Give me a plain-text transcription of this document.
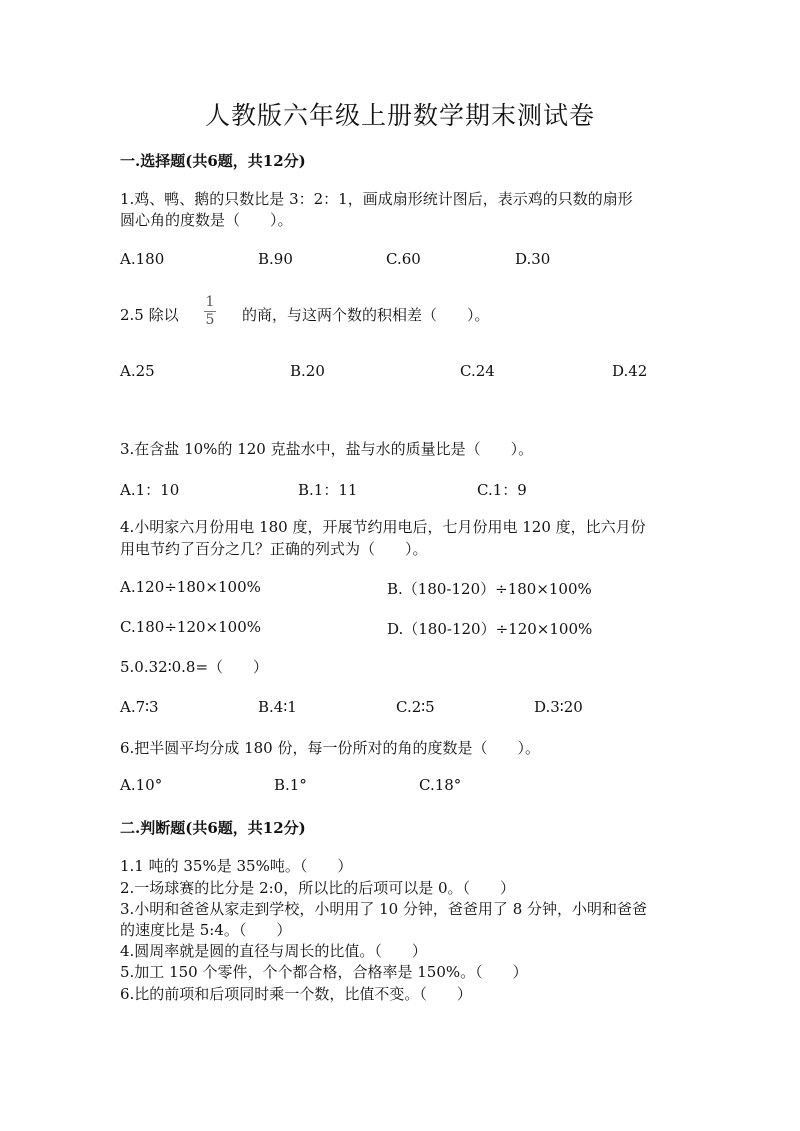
人教版六年级上册数学期末测试卷
一.选择题(共6题，共12分)
1.鸡、鸭、鹅的只数比是 3：2：1，画成扇形统计图后，表示鸡的只数的扇形
圆心角的度数是（　　）。
A.180	B.90	C.60	D.30
2.5 除以
1
5 的商，与这两个数的积相差（　　）。
A.25	B.20	C.24	D.42
3.在含盐 10%的 120 克盐水中，盐与水的质量比是（　　）。
A.1：10	B.1：11	C.1：9
4.小明家六月份用电 180 度，开展节约用电后，七月份用电 120 度，比六月份
用电节约了百分之几？正确的列式为（　　）。
A.120÷180×100%	B.（180-120）÷180×100%
C.180÷120×100%	D.（180-120）÷120×100%
5.0.32∶0.8=（　　）
A.7∶3	B.4∶1	C.2∶5	D.3∶20
6.把半圆平均分成 180 份，每一份所对的角的度数是（　　）。
A.10°	B.1°	C.18°
二.判断题(共6题，共12分)
1.1 吨的 35%是 35%吨。（　　）
2.一场球赛的比分是 2:0，所以比的后项可以是 0。（　　）
3.小明和爸爸从家走到学校，小明用了 10 分钟，爸爸用了 8 分钟，小明和爸爸
的速度比是 5:4。（　　）
4.圆周率就是圆的直径与周长的比值。（　　）
5.加工 150 个零件，个个都合格，合格率是 150%。（　　）
6.比的前项和后项同时乘一个数，比值不变。（　　）
